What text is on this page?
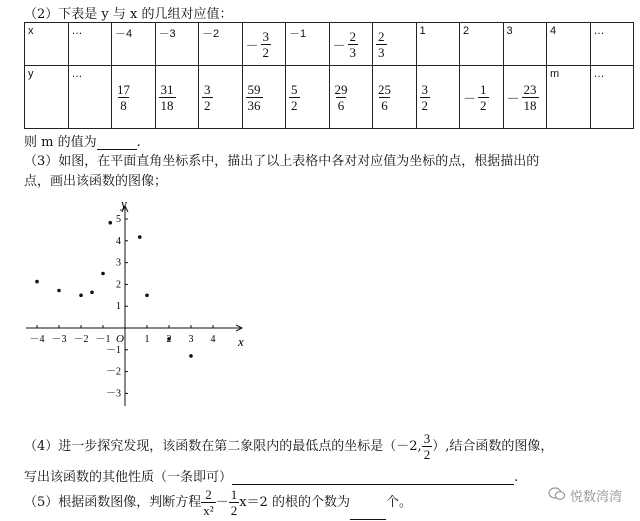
（2）下表是 y 与 x 的几组对应值：
x	…	－4	－3	－2	－ $\frac{3}{2}$	－1	－ $\frac{2}{3}$	$\frac{2}{3}$	1	2	3	4	…
y	…	$\frac{17}{8}$	$\frac{31}{18}$	$\frac{3}{2}$	$\frac{59}{36}$	$\frac{5}{2}$	$\frac{29}{6}$	$\frac{25}{6}$	$\frac{3}{2}$	－ $\frac{1}{2}$	－ $\frac{23}{18}$	m	…
则 m 的值为	.
（3）如图，在平面直角坐标系中，描出了以上表格中各对对应值为坐标的点，根据描出的
点，画出该函数的图像；
－4 －3 －2 －1	1	3 4
5
4
3
2
1
－1
－2
－3
y
x
O
（4）进一步探究发现，该函数在第二象限内的最低点的坐标是（－2, $\frac{3}{2}$ ）,结合函数的图像，
写出该函数的其他性质（一条即可）	.
（5）根据函数图像，判断方程 $\frac{2}{\text{x²}} - \frac{1}{2} x=2$ 的根的个数为	个。	悦数湾湾
